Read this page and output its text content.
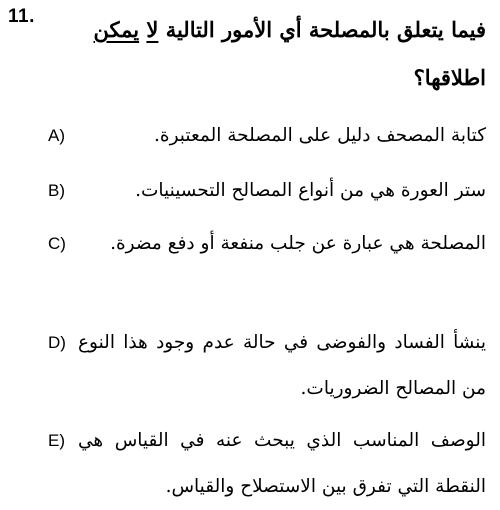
11.
فيما يتعلق بالمصلحة أي الأمور التالية لا يمكن اطلاقها؟
A)	كتابة المصحف دليل على المصلحة المعتبرة.
B)	ستر العورة هي من أنواع المصالح التحسينيات.
C)	المصلحة هي عبارة عن جلب منفعة أو دفع مضرة.
D) ينشأ الفساد والفوضى في حالة عدم وجود هذا النوع من المصالح الضروريات.
E) الوصف المناسب الذي يبحث عنه في القياس هي النقطة التي تفرق بين الاستصلاح والقياس.
